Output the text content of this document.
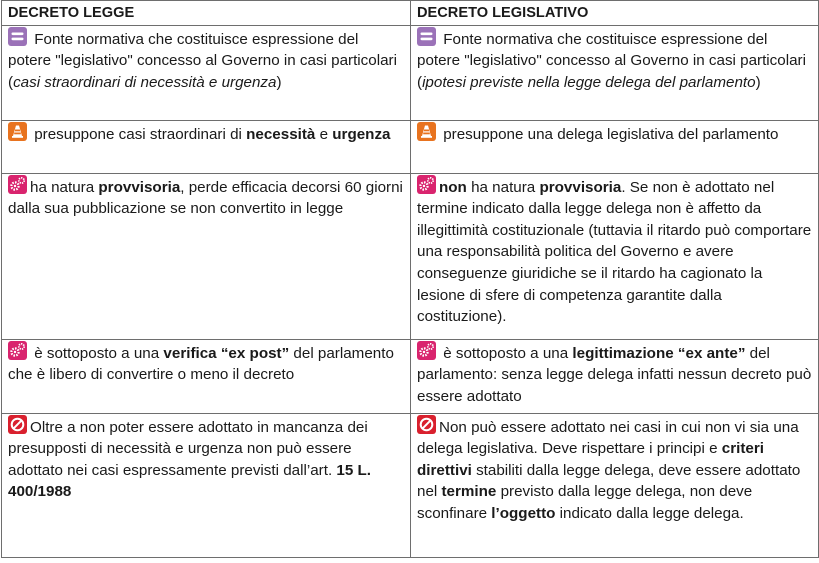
DECRETO LEGGE	DECRETO LEGISLATIVO

Fonte normativa che costituisce espressione del potere "legislativo" concesso al Governo in casi particolari (casi straordinari di necessità e urgenza)	Fonte normativa che costituisce espressione del potere "legislativo" concesso al Governo in casi particolari (ipotesi previste nella legge delega del parlamento)

presuppone casi straordinari di necessità e urgenza	presuppone una delega legislativa del parlamento

ha natura provvisoria, perde efficacia decorsi 60 giorni dalla sua pubblicazione se non convertito in legge	non ha natura provvisoria. Se non è adottato nel termine indicato dalla legge delega non è affetto da illegittimità costituzionale (tuttavia il ritardo può comportare una responsabilità politica del Governo e avere conseguenze giuridiche se il ritardo ha cagionato la lesione di sfere di competenza garantite dalla costituzione).

è sottoposto a una verifica “ex post” del parlamento che è libero di convertire o meno il decreto	è sottoposto a una legittimazione “ex ante” del parlamento: senza legge delega infatti nessun decreto può essere adottato

Oltre a non poter essere adottato in mancanza dei presupposti di necessità e urgenza non può essere adottato nei casi espressamente previsti dall’art. 15 L. 400/1988	Non può essere adottato nei casi in cui non vi sia una delega legislativa. Deve rispettare i principi e criteri direttivi stabiliti dalla legge delega, deve essere adottato nel termine previsto dalla legge delega, non deve sconfinare l’oggetto indicato dalla legge delega.
